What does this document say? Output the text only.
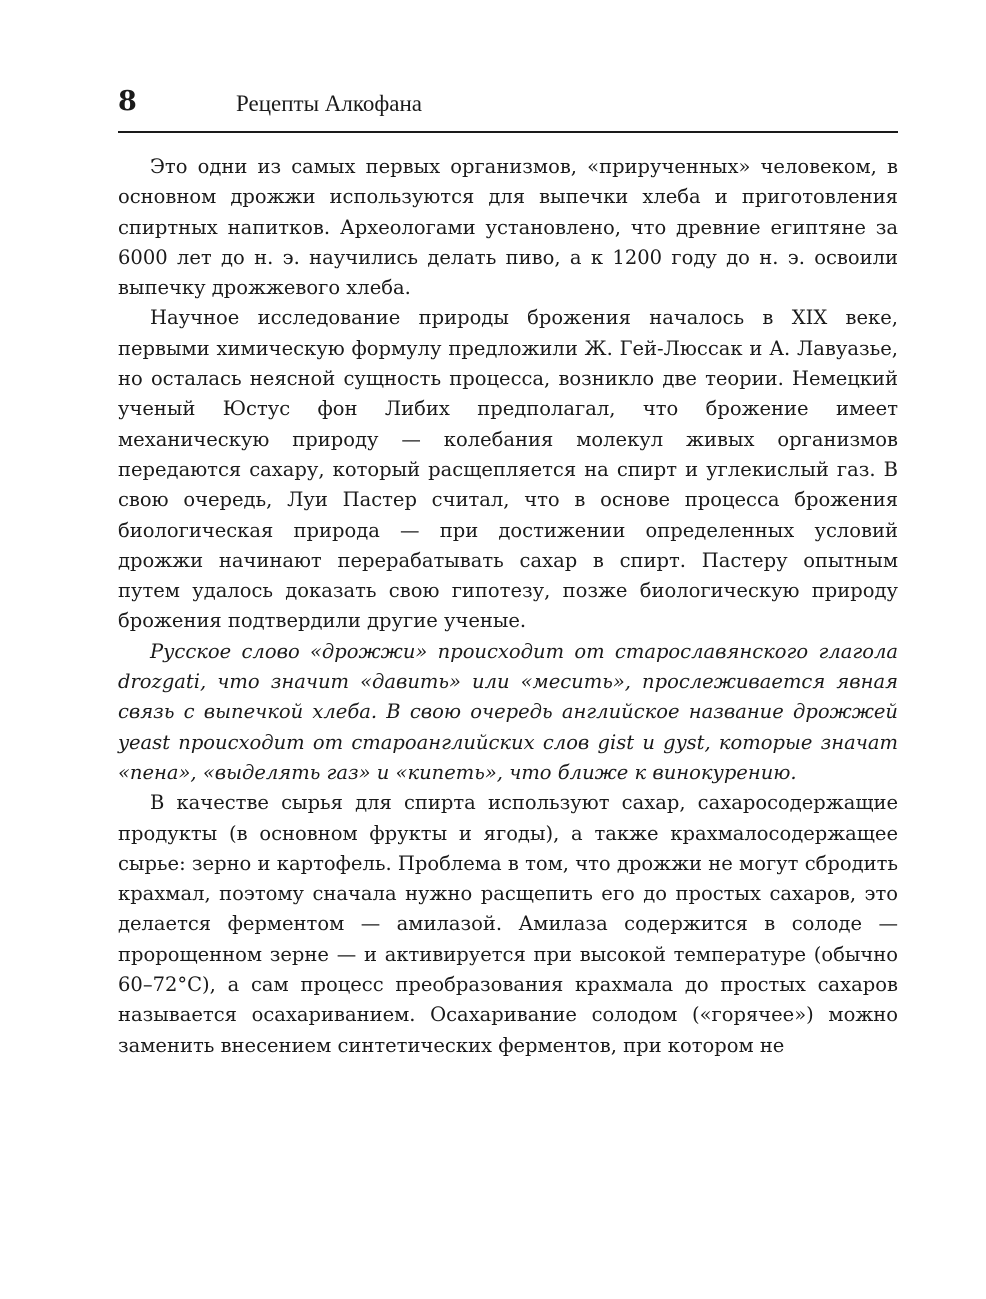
8	Рецепты Алкофана

Это одни из самых первых организмов, «прирученных» человеком, в основном дрожжи используются для выпечки хлеба и приготовления спиртных напитков. Археологами установлено, что древние египтяне за 6000 лет до н. э. научились делать пиво, а к 1200 году до н. э. освоили выпечку дрожжевого хлеба.

Научное исследование природы брожения началось в XIX веке, первыми химическую формулу предложили Ж. Гей-Люссак и А. Лавуазье, но осталась неясной сущность процесса, возникло две теории. Немецкий ученый Юстус фон Либих предполагал, что брожение имеет механическую природу — колебания молекул живых организмов передаются сахару, который расщепляется на спирт и углекислый газ. В свою очередь, Луи Пастер считал, что в основе процесса брожения биологическая природа — при достижении определенных условий дрожжи начинают перерабатывать сахар в спирт. Пастеру опытным путем удалось доказать свою гипотезу, позже биологическую природу брожения подтвердили другие ученые.

Русское слово «дрожжи» происходит от старославянского глагола drozgati, что значит «давить» или «месить», прослеживается явная связь с выпечкой хлеба. В свою очередь английское название дрожжей yeast происходит от староанглийских слов gist и gyst, которые значат «пена», «выделять газ» и «кипеть», что ближе к винокурению.

В качестве сырья для спирта используют сахар, сахаросодержащие продукты (в основном фрукты и ягоды), а также крахмалосодержащее сырье: зерно и картофель. Проблема в том, что дрожжи не могут сбродить крахмал, поэтому сначала нужно расщепить его до простых сахаров, это делается ферментом — амилазой. Амилаза содержится в солоде — пророщенном зерне — и активируется при высокой температуре (обычно 60–72°С), а сам процесс преобразования крахмала до простых сахаров называется осахариванием. Осахаривание солодом («горячее») можно заменить внесением синтетических ферментов, при котором не
